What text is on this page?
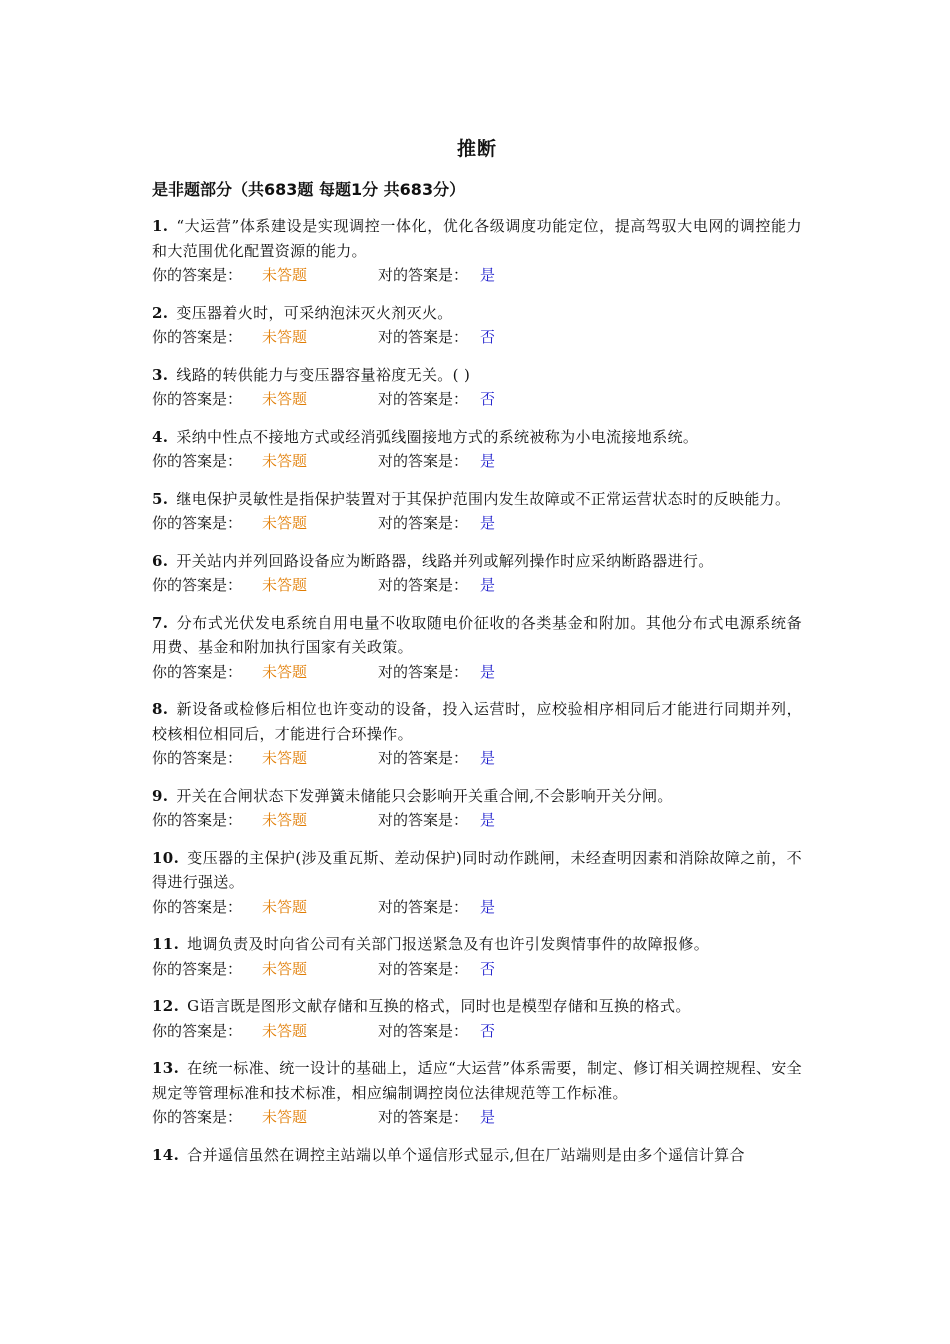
推断
是非题部分（共683题 每题1分 共683分）
1. “大运营”体系建设是实现调控一体化，优化各级调度功能定位，提高驾驭大电网的调控能力和大范围优化配置资源的能力。
你的答案是： 未答题	对的答案是： 是
2. 变压器着火时，可采纳泡沫灭火剂灭火。
你的答案是： 未答题	对的答案是： 否
3. 线路的转供能力与变压器容量裕度无关。( )
你的答案是： 未答题	对的答案是： 否
4. 采纳中性点不接地方式或经消弧线圈接地方式的系统被称为小电流接地系统。
你的答案是： 未答题	对的答案是： 是
5. 继电保护灵敏性是指保护装置对于其保护范围内发生故障或不正常运营状态时的反映能力。
你的答案是： 未答题	对的答案是： 是
6. 开关站内并列回路设备应为断路器，线路并列或解列操作时应采纳断路器进行。
你的答案是： 未答题	对的答案是： 是
7. 分布式光伏发电系统自用电量不收取随电价征收的各类基金和附加。其他分布式电源系统备用费、基金和附加执行国家有关政策。
你的答案是： 未答题	对的答案是： 是
8. 新设备或检修后相位也许变动的设备，投入运营时，应校验相序相同后才能进行同期并列，校核相位相同后，才能进行合环操作。
你的答案是： 未答题	对的答案是： 是
9. 开关在合闸状态下发弹簧未储能只会影响开关重合闸,不会影响开关分闸。
你的答案是： 未答题	对的答案是： 是
10. 变压器的主保护(涉及重瓦斯、差动保护)同时动作跳闸，未经查明因素和消除故障之前，不得进行强送。
你的答案是： 未答题	对的答案是： 是
11. 地调负责及时向省公司有关部门报送紧急及有也许引发舆情事件的故障报修。
你的答案是： 未答题	对的答案是： 否
12. G语言既是图形文献存储和互换的格式，同时也是模型存储和互换的格式。
你的答案是： 未答题	对的答案是： 否
13. 在统一标准、统一设计的基础上，适应“大运营”体系需要，制定、修订相关调控规程、安全规定等管理标准和技术标准，相应编制调控岗位法律规范等工作标准。
你的答案是： 未答题	对的答案是： 是
14. 合并遥信虽然在调控主站端以单个遥信形式显示,但在厂站端则是由多个遥信计算合
